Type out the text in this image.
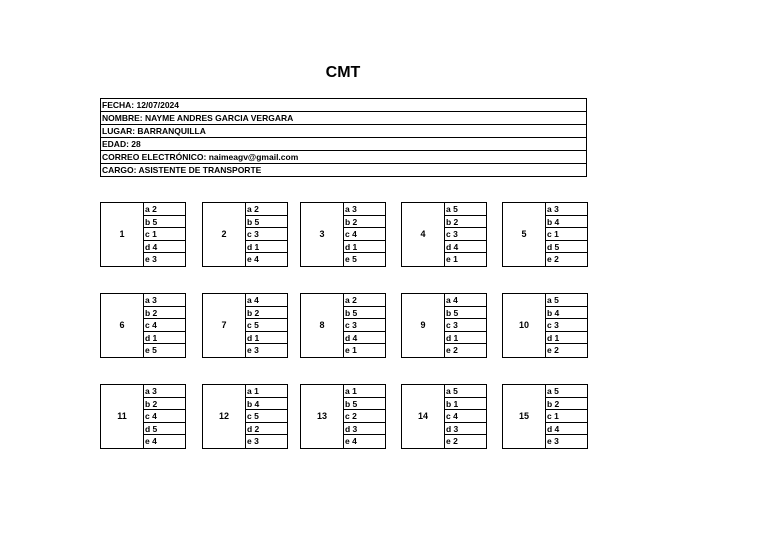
CMT
FECHA: 12/07/2024
NOMBRE: NAYME ANDRES GARCIA VERGARA
LUGAR: BARRANQUILLA
EDAD: 28
CORREO ELECTRÓNICO: naimeagv@gmail.com
CARGO: ASISTENTE DE TRANSPORTE
1
a 2
b 5
c 1
d 4
e 3
2
a 2
b 5
c 3
d 1
e 4
3
a 3
b 2
c 4
d 1
e 5
4
a 5
b 2
c 3
d 4
e 1
5
a 3
b 4
c 1
d 5
e 2
6
a 3
b 2
c 4
d 1
e 5
7
a 4
b 2
c 5
d 1
e 3
8
a 2
b 5
c 3
d 4
e 1
9
a 4
b 5
c 3
d 1
e 2
10
a 5
b 4
c 3
d 1
e 2
11
a 3
b 2
c 4
d 5
e 4
12
a 1
b 4
c 5
d 2
e 3
13
a 1
b 5
c 2
d 3
e 4
14
a 5
b 1
c 4
d 3
e 2
15
a 5
b 2
c 1
d 4
e 3
